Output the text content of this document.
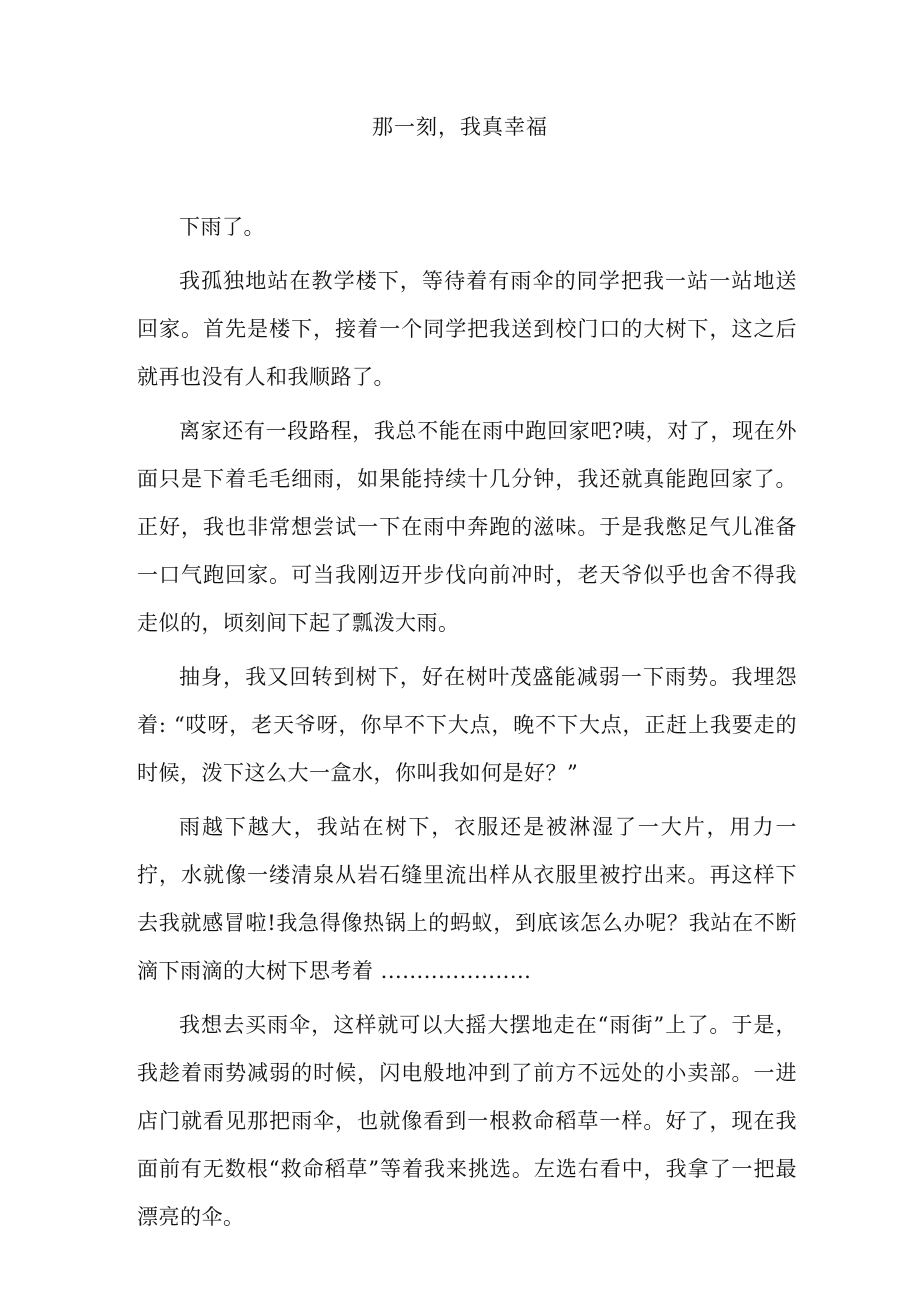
那一刻，我真幸福

下雨了。

我孤独地站在教学楼下，等待着有雨伞的同学把我一站一站地送回家。首先是楼下，接着一个同学把我送到校门口的大树下，这之后就再也没有人和我顺路了。

离家还有一段路程，我总不能在雨中跑回家吧?咦，对了，现在外面只是下着毛毛细雨，如果能持续十几分钟，我还就真能跑回家了。正好，我也非常想尝试一下在雨中奔跑的滋味。于是我憋足气儿准备一口气跑回家。可当我刚迈开步伐向前冲时，老天爷似乎也舍不得我走似的，顷刻间下起了瓢泼大雨。

抽身，我又回转到树下，好在树叶茂盛能减弱一下雨势。我埋怨着: “哎呀，老天爷呀，你早不下大点，晚不下大点，正赶上我要走的时候，泼下这么大一盒水，你叫我如何是好？”

雨越下越大，我站在树下，衣服还是被淋湿了一大片，用力一拧，水就像一缕清泉从岩石缝里流出样从衣服里被拧出来。再这样下去我就感冒啦!我急得像热锅上的蚂蚁，到底该怎么办呢？我站在不断滴下雨滴的大树下思考着 .....................

我想去买雨伞，这样就可以大摇大摆地走在“雨街”上了。于是，我趁着雨势减弱的时候，闪电般地冲到了前方不远处的小卖部。一进店门就看见那把雨伞，也就像看到一根救命稻草一样。好了，现在我面前有无数根“救命稻草”等着我来挑选。左选右看中，我拿了一把最漂亮的伞。
